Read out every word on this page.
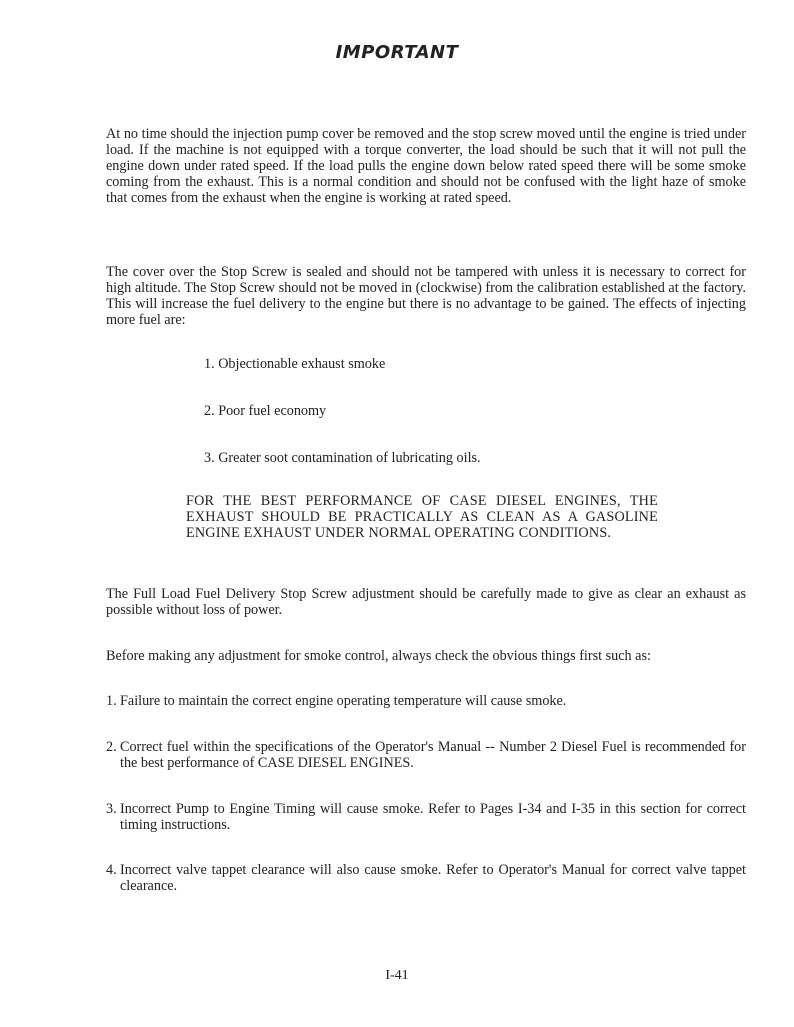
IMPORTANT

At no time should the injection pump cover be removed and the stop screw moved until the engine is tried under load. If the machine is not equipped with a torque converter, the load should be such that it will not pull the engine down under rated speed. If the load pulls the engine down below rated speed there will be some smoke coming from the exhaust. This is a normal condition and should not be confused with the light haze of smoke that comes from the exhaust when the engine is working at rated speed.

The cover over the Stop Screw is sealed and should not be tampered with unless it is necessary to correct for high altitude. The Stop Screw should not be moved in (clockwise) from the calibration established at the factory. This will increase the fuel delivery to the engine but there is no advantage to be gained. The effects of injecting more fuel are:

1. Objectionable exhaust smoke
2. Poor fuel economy
3. Greater soot contamination of lubricating oils.
FOR THE BEST PERFORMANCE OF CASE DIESEL ENGINES, THE EXHAUST SHOULD BE PRACTICALLY AS CLEAN AS A GASOLINE ENGINE EXHAUST UNDER NORMAL OPERATING CONDITIONS.

The Full Load Fuel Delivery Stop Screw adjustment should be carefully made to give as clear an exhaust as possible without loss of power.

Before making any adjustment for smoke control, always check the obvious things first such as:

1. Failure to maintain the correct engine operating temperature will cause smoke.
2. Correct fuel within the specifications of the Operator's Manual -- Number 2 Diesel Fuel is recommended for the best performance of CASE DIESEL ENGINES.
3. Incorrect Pump to Engine Timing will cause smoke. Refer to Pages I-34 and I-35 in this section for correct timing instructions.
4. Incorrect valve tappet clearance will also cause smoke. Refer to Operator's Manual for correct valve tappet clearance.
I-41
